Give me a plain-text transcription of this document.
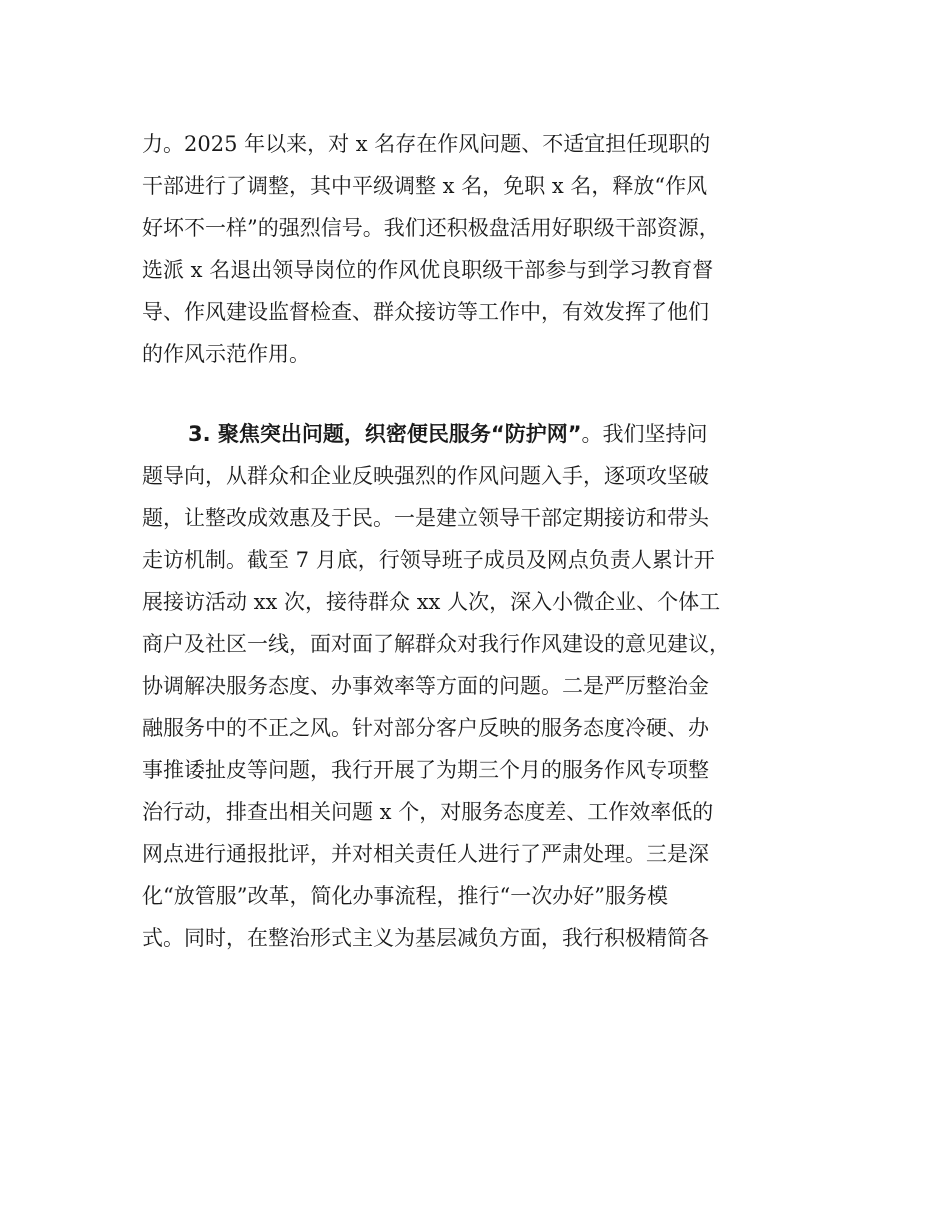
力。2025 年以来，对 x 名存在作风问题、不适宜担任现职的
干部进行了调整，其中平级调整 x 名，免职 x 名，释放“作风
好坏不一样”的强烈信号。我们还积极盘活用好职级干部资源，
选派 x 名退出领导岗位的作风优良职级干部参与到学习教育督
导、作风建设监督检查、群众接访等工作中，有效发挥了他们
的作风示范作用。
3. 聚焦突出问题，织密便民服务“防护网”。我们坚持问
题导向，从群众和企业反映强烈的作风问题入手，逐项攻坚破
题，让整改成效惠及于民。一是建立领导干部定期接访和带头
走访机制。截至 7 月底，行领导班子成员及网点负责人累计开
展接访活动 xx 次，接待群众 xx 人次，深入小微企业、个体工
商户及社区一线，面对面了解群众对我行作风建设的意见建议，
协调解决服务态度、办事效率等方面的问题。二是严厉整治金
融服务中的不正之风。针对部分客户反映的服务态度冷硬、办
事推诿扯皮等问题，我行开展了为期三个月的服务作风专项整
治行动，排查出相关问题 x 个，对服务态度差、工作效率低的
网点进行通报批评，并对相关责任人进行了严肃处理。三是深
化“放管服”改革，简化办事流程，推行“一次办好”服务模
式。同时，在整治形式主义为基层减负方面，我行积极精简各
